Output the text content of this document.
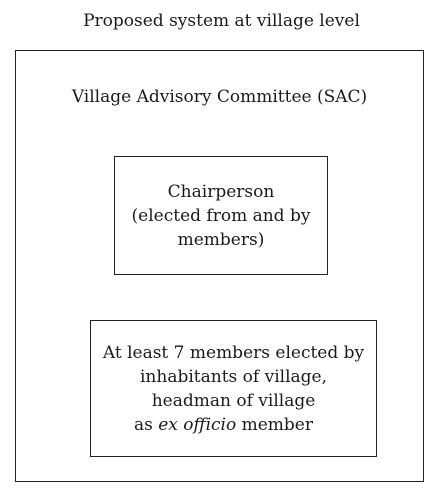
Proposed system at village level
Village Advisory Committee (SAC)
Chairperson
(elected from and by
members)
At least 7 members elected by
inhabitants of village,
headman of village
as ex officio member
